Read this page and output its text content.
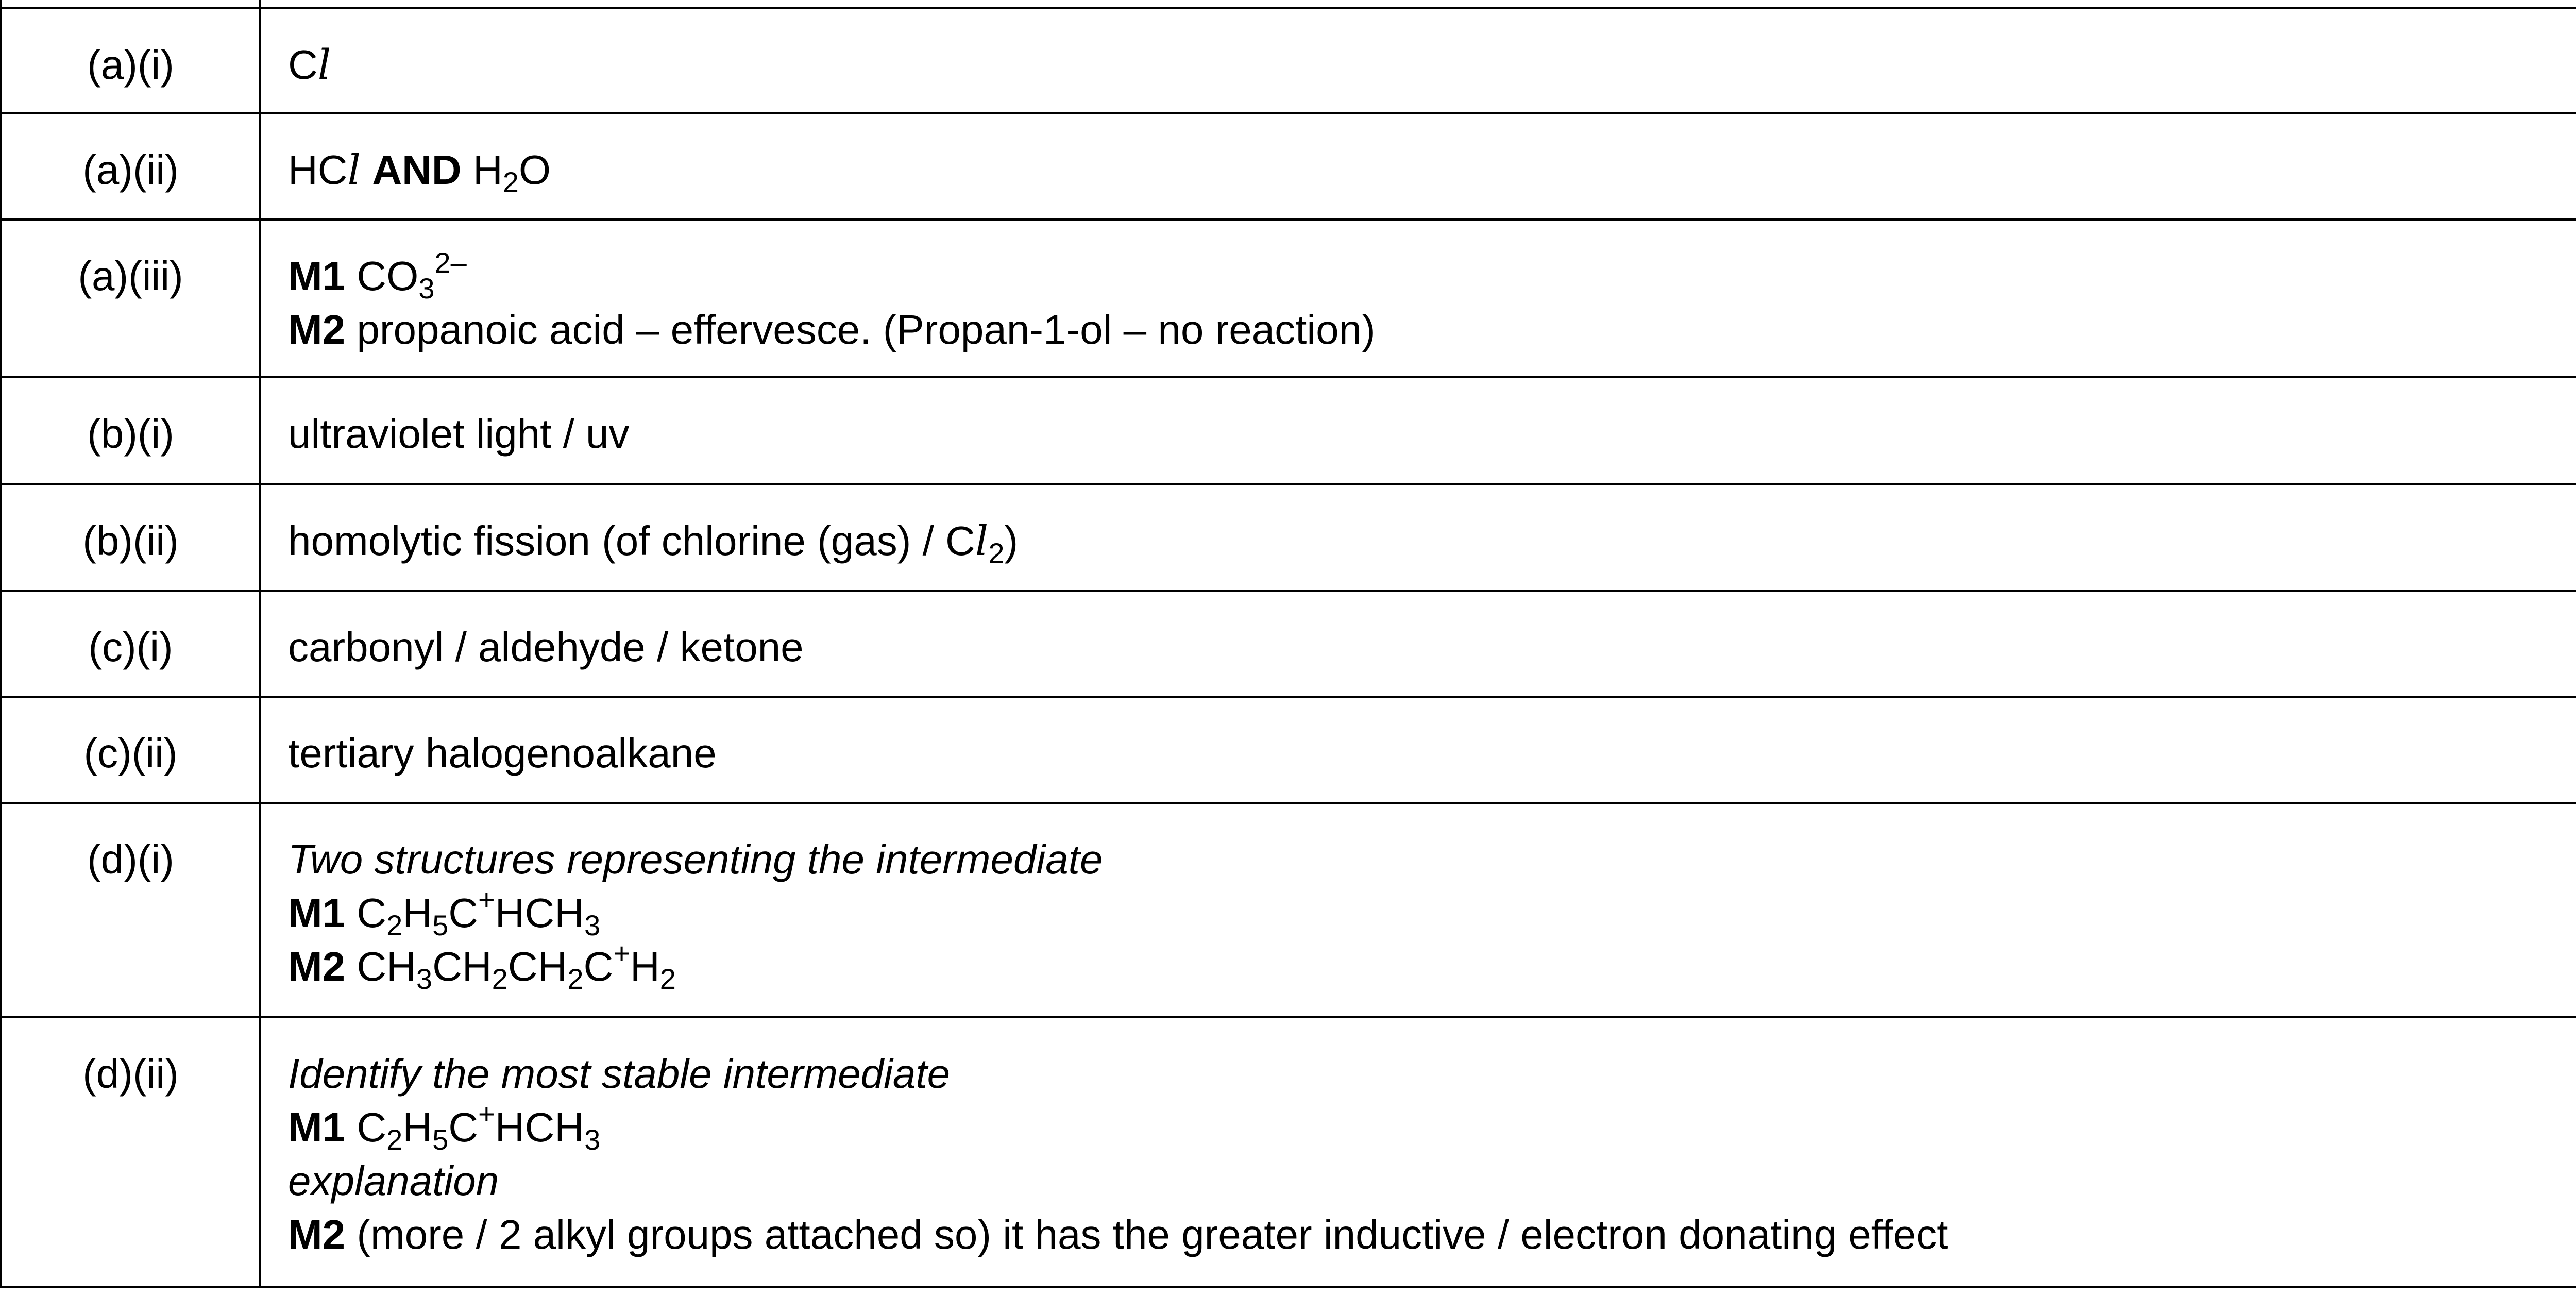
(a)(i)	Cl	
(a)(ii)	HCl AND $H_2O$	
(a)(iii)	M1 $CO_3^{2-}$
M2 propanoic acid – effervesce. (Propan-1-ol – no reaction)

(b)(i)	ultraviolet light / uv	
(b)(ii)	homolytic fission (of chlorine $(gas) / Cl_2$)	
(c)(i)	carbonyl / aldehyde / ketone	
(c)(ii)	tertiary halogenoalkane	
(d)(i)	Two structures representing the intermediate
M1 $C_2H_5C^+HCH_3$
M2 $CH_3CH_2CH_2C^+H_2$

(d)(ii)	Identify the most stable intermediate
M1 $C_2H_5C^+HCH_3$
explanation
M2 (more / 2 alkyl groups attached so) it has the greater inductive / electron donating effect
